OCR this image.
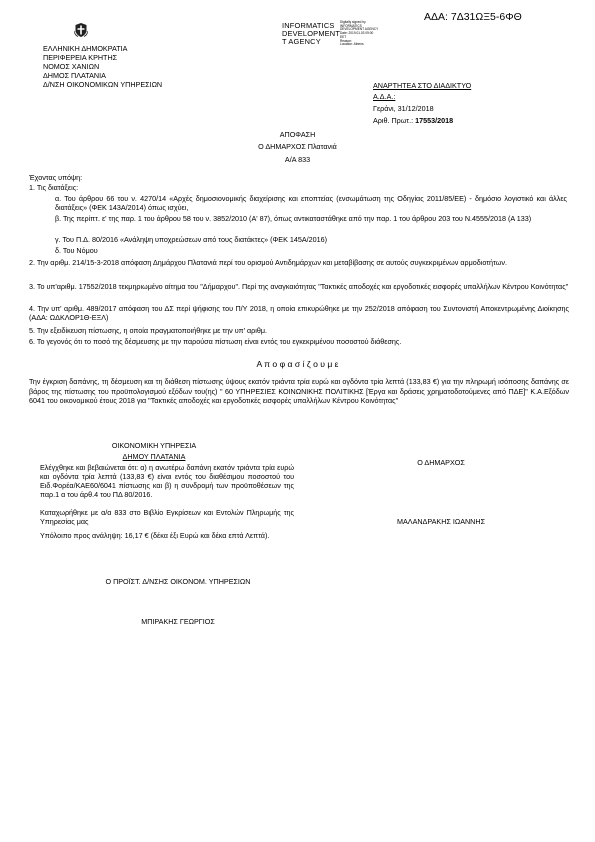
ΑΔΑ: 7Δ31ΩΞ5-6ΦΘ
ΕΛΛΗΝΙΚΗ ΔΗΜΟΚΡΑΤΙΑ
ΠΕΡΙΦΕΡΕΙΑ ΚΡΗΤΗΣ
ΝΟΜΟΣ ΧΑΝΙΩΝ
ΔΗΜΟΣ ΠΛΑΤΑΝΙΑ
Δ/ΝΣΗ ΟΙΚΟΝΟΜΙΚΩΝ ΥΠΗΡΕΣΙΩΝ
INFORMATICS
DEVELOPMENT
T AGENCY
Digitally signed by
INFORMATICS
DEVELOPMENT AGENCY
Date: 2019.01.03 09:00
EET
Reason:
Location: Athens
ΑΝΑΡΤΗΤΕΑ ΣΤΟ ΔΙΑΔΙΚΤΥΟ
Α.Δ.Α.:
Γεράνι, 31/12/2018
Αριθ. Πρωτ.: 17553/2018
ΑΠΟΦΑΣΗ
Ο ΔΗΜΑΡΧΟΣ Πλατανιά
Α/Α 833
Έχοντας υπόψη:
1. Τις διατάξεις:
α. Του άρθρου 66 του ν. 4270/14 «Αρχές δημοσιονομικής διαχείρισης και εποπτείας (ενσωμάτωση της Οδηγίας 2011/85/ΕΕ) - δημόσιο λογιστικό και άλλες διατάξεις» (ΦΕΚ 143Α/2014) όπως ισχύει,
β. Της περίπτ. ε' της παρ. 1 του άρθρου 58 του ν. 3852/2010 (Α' 87), όπως αντικαταστάθηκε από την παρ. 1 του άρθρου 203 του Ν.4555/2018 (Α 133)
γ. Του Π.Δ. 80/2016 «Ανάληψη υποχρεώσεων από τους διατάκτες» (ΦΕΚ 145Α/2016)
δ. Του Νόμου
2. Την αριθμ. 214/15-3-2018 απόφαση Δημάρχου Πλατανιά περί του ορισμού Αντιδημάρχων και μεταβίβασης σε αυτούς συγκεκριμένων αρμοδιοτήτων.
3. Το υπ'αριθμ. 17552/2018 τεκμηριωμένο αίτημα του "Δήμαρχου". Περί της αναγκαιότητας "Τακτικές αποδοχές και εργοδοτικές εισφορές υπαλλήλων Κέντρου Κοινότητας"
4. Την υπ' αριθμ. 489/2017 απόφαση του ΔΣ περί ψήφισης του Π/Υ 2018, η οποία επικυρώθηκε με την 252/2018 απόφαση του Συντονιστή Αποκεντρωμένης Διοίκησης (ΑΔΑ: ΩΔΚΛΟΡ1Θ-ΕΞΛ)
5. Την εξειδίκευση πίστωσης, η οποία πραγματοποιήθηκε με την υπ' αριθμ.
6. Το γεγονός ότι το ποσό της δέσμευσης με την παρούσα πίστωση είναι εντός του εγκεκριμένου ποσοστού διάθεσης.
Α π ο φ α σ ί ζ ο υ μ ε
Την έγκριση δαπάνης, τη δέσμευση και τη διάθεση πίστωσης ύψους εκατόν τριάντα τρία ευρώ και ογδόντα τρία λεπτά (133,83 €) για την πληρωμή ισόποσης δαπάνης σε βάρος της πίστωσης του προϋπολογισμού εξόδων του(ης) " 60 ΥΠΗΡΕΣΙΕΣ ΚΟΙΝΩΝΙΚΗΣ ΠΟΛΙΤΙΚΗΣ [Έργα και δράσεις χρηματοδοτούμενες από ΠΔΕ]" Κ.Α.Εξόδων 6041 του οικονομικού έτους 2018 για "Τακτικές αποδοχές και εργοδοτικές εισφορές υπαλλήλων Κέντρου Κοινότητας"
ΟΙΚΟΝΟΜΙΚΗ ΥΠΗΡΕΣΙΑ
ΔΗΜΟΥ ΠΛΑΤΑΝΙΑ
Ελέγχθηκε και βεβαιώνεται ότι: α) η ανωτέρω δαπάνη εκατόν τριάντα τρία ευρώ και ογδόντα τρία λεπτά (133,83 €) είναι εντός του διαθέσιμου ποσοστού του Ειδ.Φορέα/ΚΑΕ60/6041 πίστωσης και β) η συνδρομή των προϋποθέσεων της παρ.1 α του άρθ.4 του ΠΔ 80/2016.
Καταχωρήθηκε με α/α 833 στο Βιβλίο Εγκρίσεων και Εντολών Πληρωμής της Υπηρεσίας μας
Υπόλοιπο προς ανάληψη: 16,17 € (δέκα έξι Ευρώ και δέκα επτά Λεπτά).
Ο ΔΗΜΑΡΧΟΣ
ΜΑΛΑΝΔΡΑΚΗΣ ΙΩΑΝΝΗΣ
Ο ΠΡΟΪΣΤ. Δ/ΝΣΗΣ ΟΙΚΟΝΟΜ. ΥΠΗΡΕΣΙΩΝ
ΜΠΙΡΑΚΗΣ ΓΕΩΡΓΙΟΣ
